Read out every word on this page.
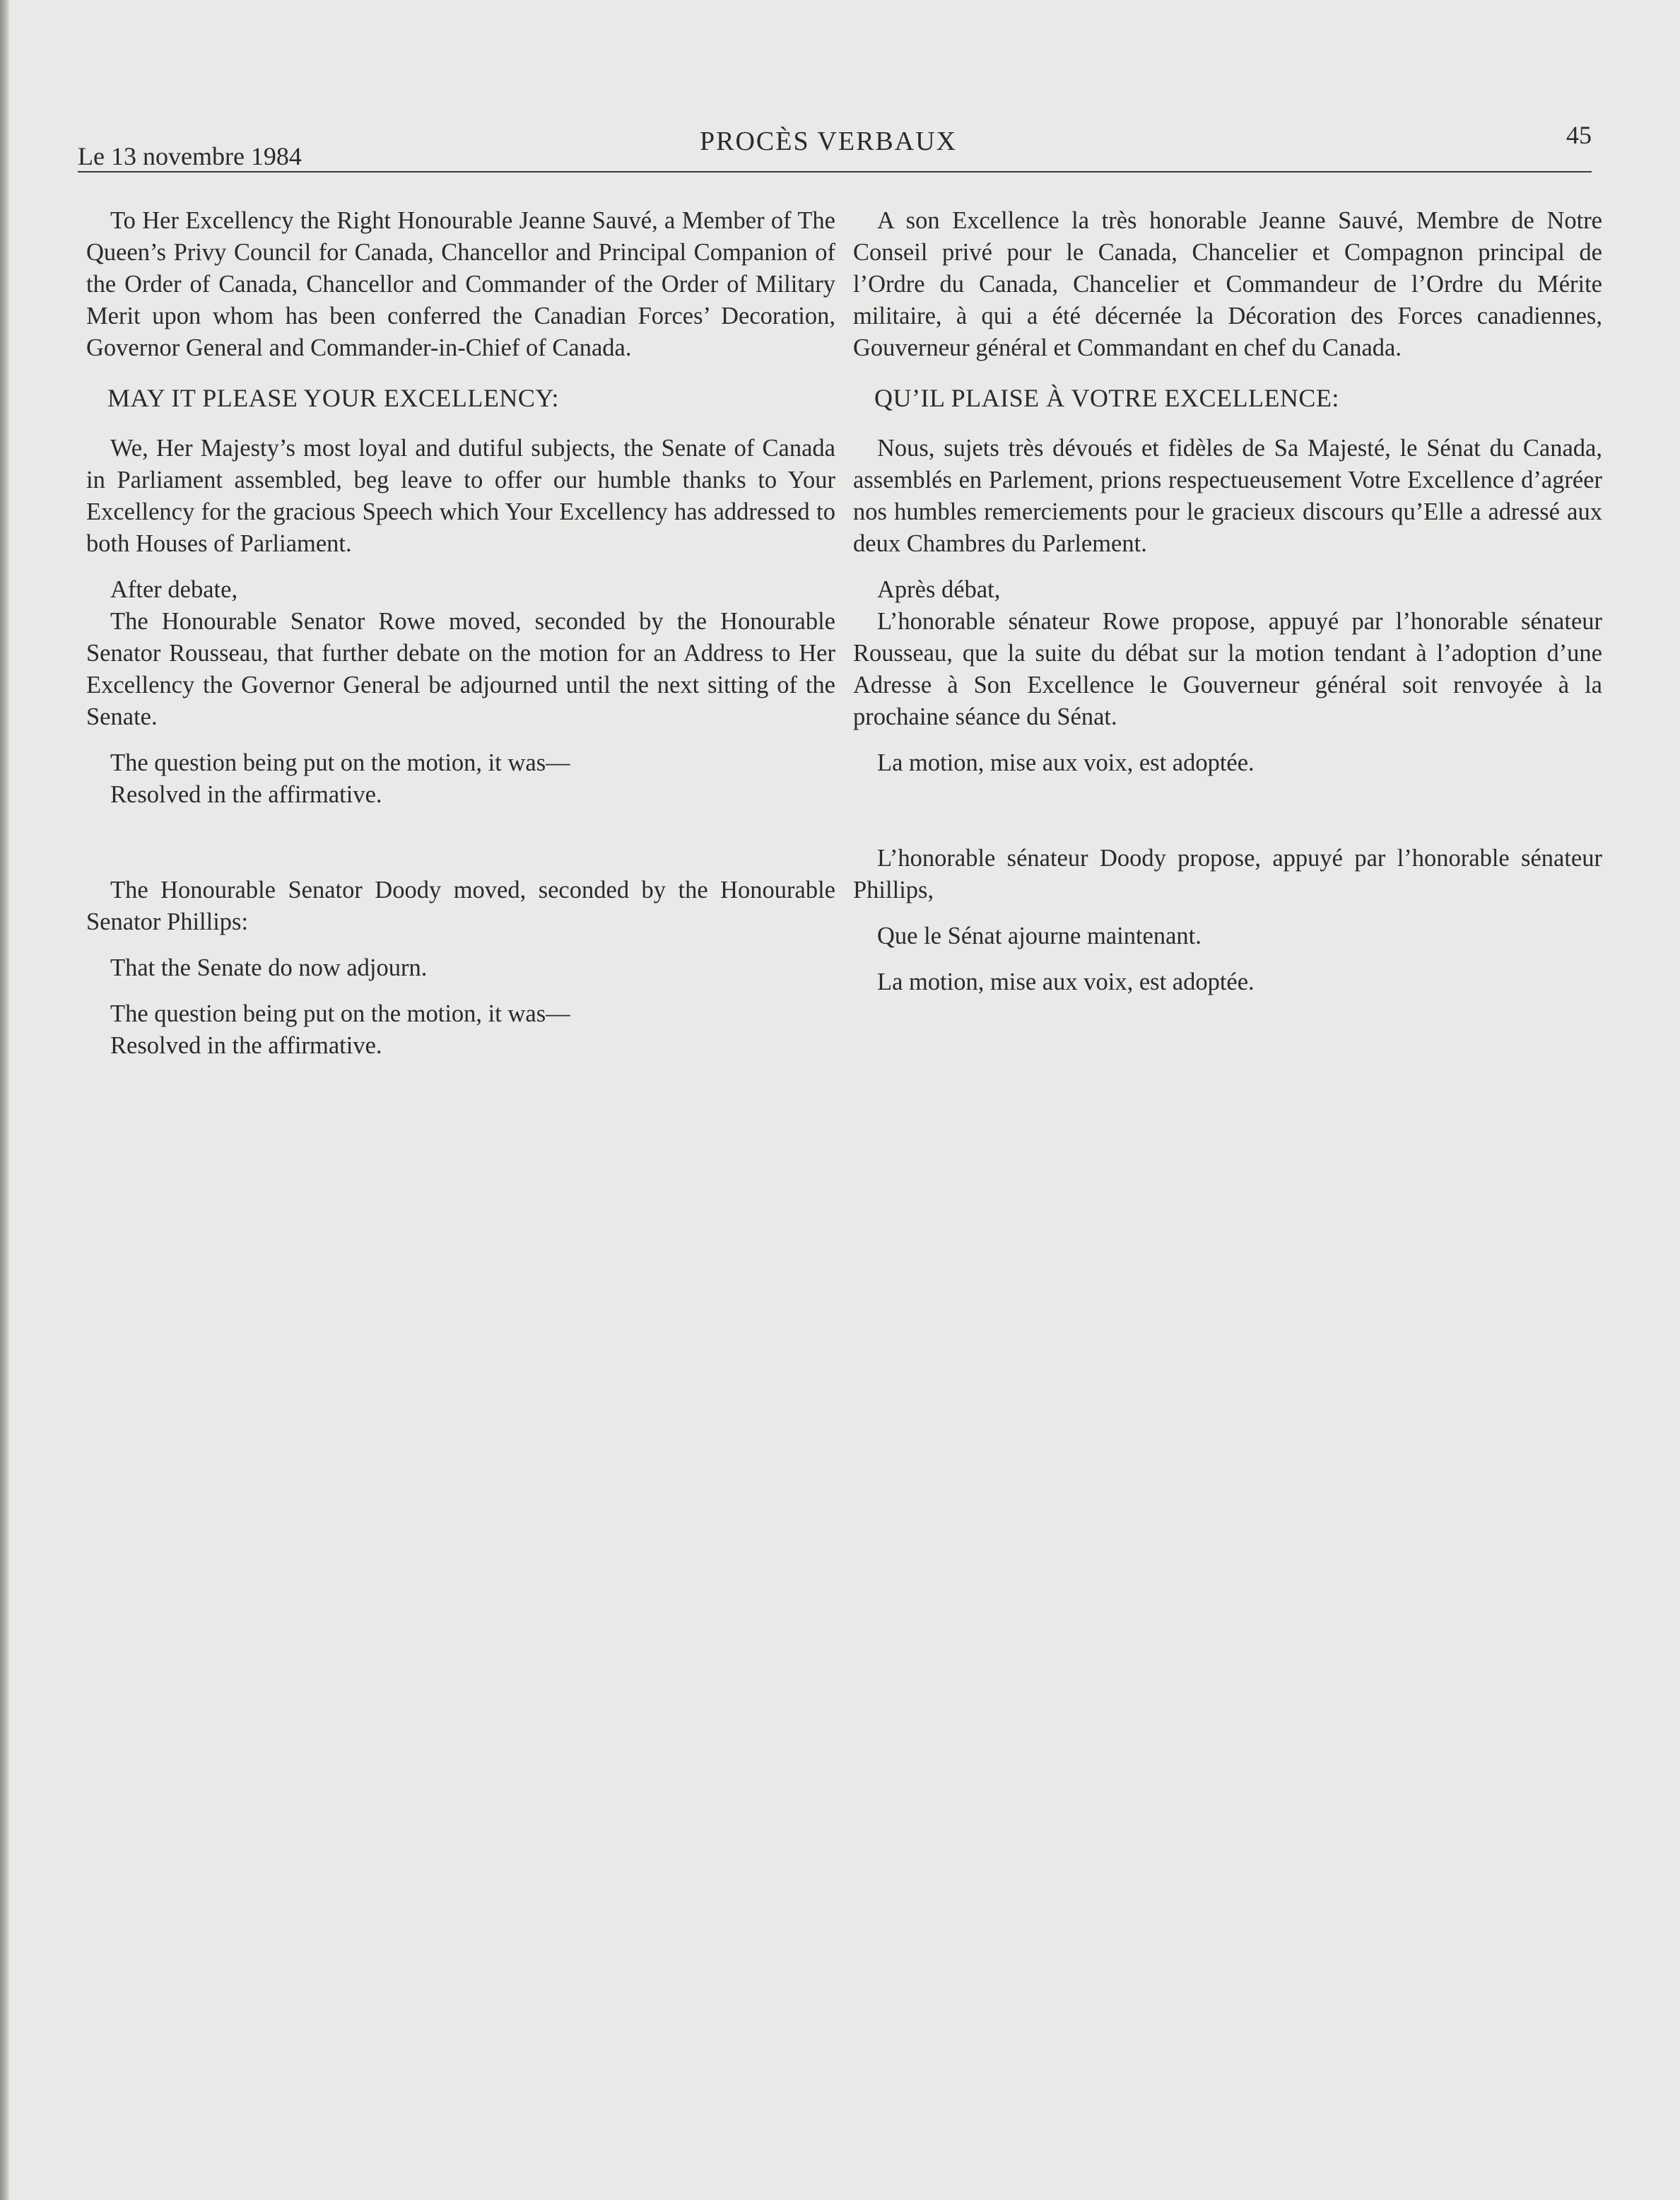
Le 13 novembre 1984	PROCÈS VERBAUX	45

To Her Excellency the Right Honourable Jeanne Sauvé, a Member of The Queen’s Privy Council for Canada, Chancellor and Principal Companion of the Order of Canada, Chancellor and Commander of the Order of Military Merit upon whom has been conferred the Canadian Forces’ Decoration, Governor General and Commander-in-Chief of Canada.

MAY IT PLEASE YOUR EXCELLENCY:

We, Her Majesty’s most loyal and dutiful subjects, the Senate of Canada in Parliament assembled, beg leave to offer our humble thanks to Your Excellency for the gracious Speech which Your Excellency has addressed to both Houses of Parliament.

After debate,

The Honourable Senator Rowe moved, seconded by the Honourable Senator Rousseau, that further debate on the motion for an Address to Her Excellency the Governor General be adjourned until the next sitting of the Senate.

The question being put on the motion, it was—

Resolved in the affirmative.

The Honourable Senator Doody moved, seconded by the Honourable Senator Phillips:

That the Senate do now adjourn.

The question being put on the motion, it was—

Resolved in the affirmative.

A son Excellence la très honorable Jeanne Sauvé, Membre de Notre Conseil privé pour le Canada, Chancelier et Compagnon principal de l’Ordre du Canada, Chancelier et Commandeur de l’Ordre du Mérite militaire, à qui a été décernée la Décoration des Forces canadiennes, Gouverneur général et Commandant en chef du Canada.

QU’IL PLAISE À VOTRE EXCELLENCE:

Nous, sujets très dévoués et fidèles de Sa Majesté, le Sénat du Canada, assemblés en Parlement, prions respectueusement Votre Excellence d’agréer nos humbles remerciements pour le gracieux discours qu’Elle a adressé aux deux Chambres du Parlement.

Après débat,

L’honorable sénateur Rowe propose, appuyé par l’honorable sénateur Rousseau, que la suite du débat sur la motion tendant à l’adoption d’une Adresse à Son Excellence le Gouverneur général soit renvoyée à la prochaine séance du Sénat.

La motion, mise aux voix, est adoptée.

L’honorable sénateur Doody propose, appuyé par l’honorable sénateur Phillips,

Que le Sénat ajourne maintenant.

La motion, mise aux voix, est adoptée.
